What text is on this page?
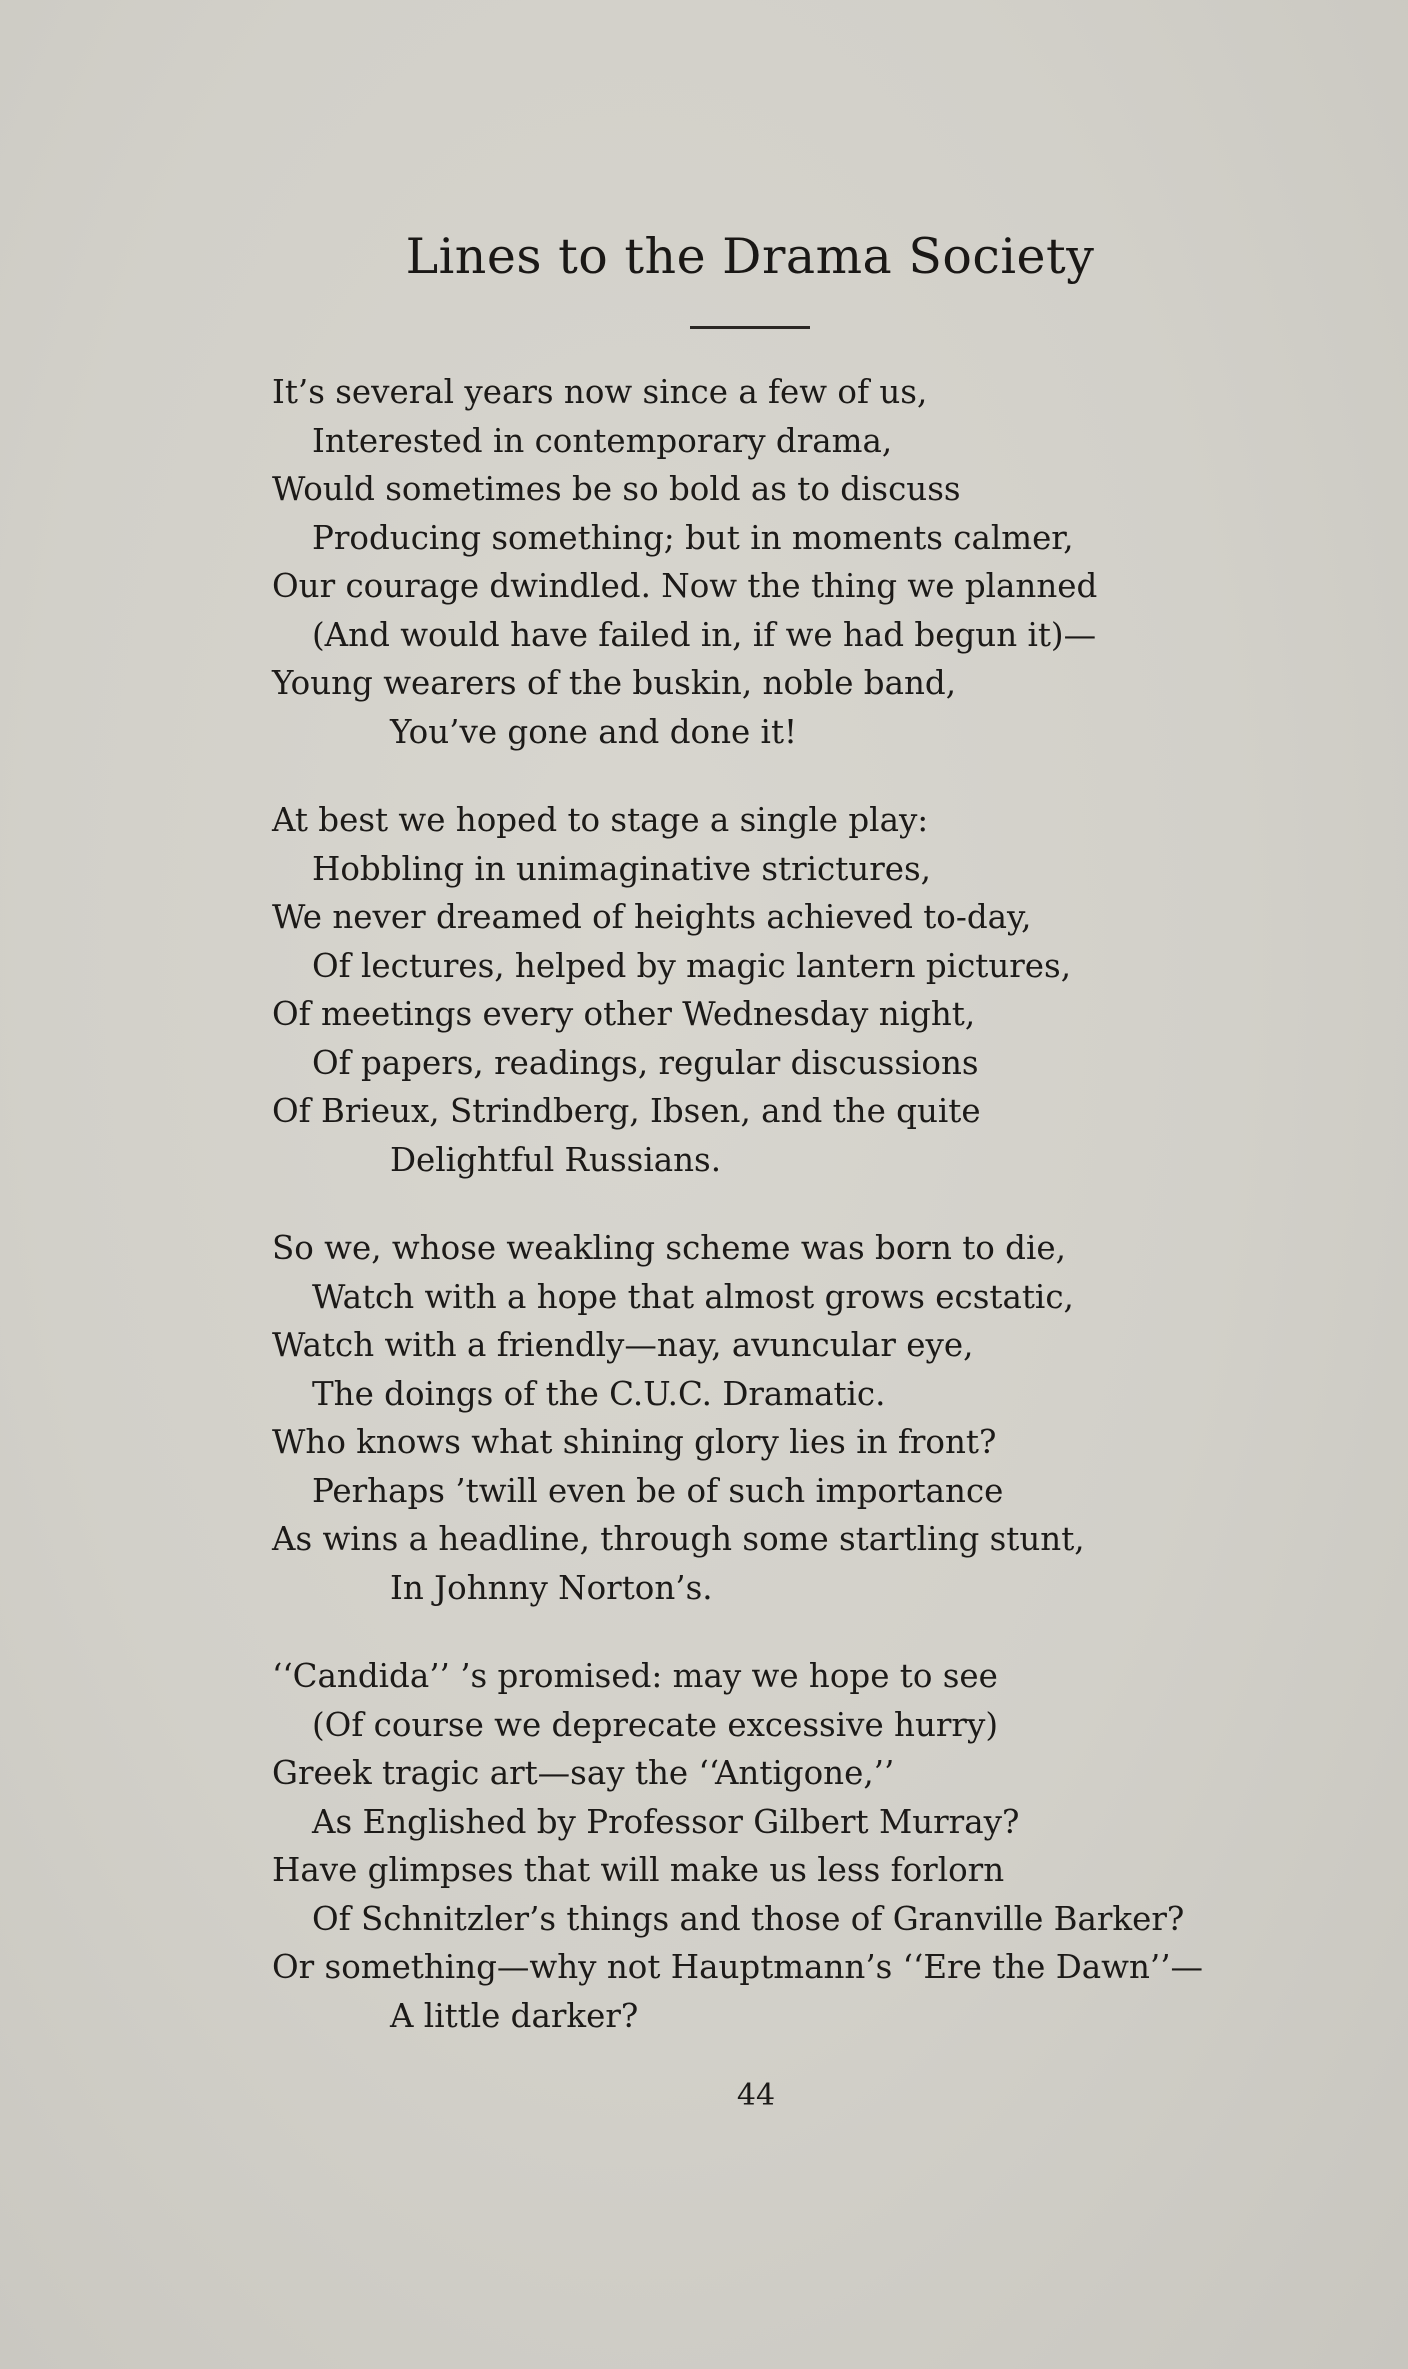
Lines to the Drama Society
It’s several years now since a few of us,
Interested in contemporary drama,
Would sometimes be so bold as to discuss
Producing something; but in moments calmer,
Our courage dwindled. Now the thing we planned
(And would have failed in, if we had begun it)—
Young wearers of the buskin, noble band,
You’ve gone and done it!
At best we hoped to stage a single play:
Hobbling in unimaginative strictures,
We never dreamed of heights achieved to-day,
Of lectures, helped by magic lantern pictures,
Of meetings every other Wednesday night,
Of papers, readings, regular discussions
Of Brieux, Strindberg, Ibsen, and the quite
Delightful Russians.
So we, whose weakling scheme was born to die,
Watch with a hope that almost grows ecstatic,
Watch with a friendly—nay, avuncular eye,
The doings of the C.U.C. Dramatic.
Who knows what shining glory lies in front?
Perhaps ’twill even be of such importance
As wins a headline, through some startling stunt,
In Johnny Norton’s.
‘‘Candida’’ ’s promised: may we hope to see
(Of course we deprecate excessive hurry)
Greek tragic art—say the ‘‘Antigone,’’
As Englished by Professor Gilbert Murray?
Have glimpses that will make us less forlorn
Of Schnitzler’s things and those of Granville Barker?
Or something—why not Hauptmann’s ‘‘Ere the Dawn’’—
A little darker?
44
